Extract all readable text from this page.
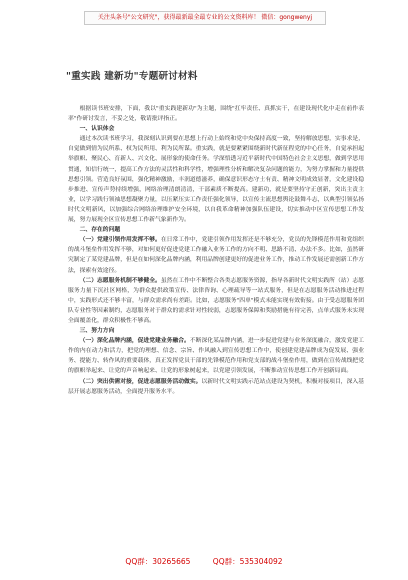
关注头条号"公文研究"，获得最新最全最专业的公文资料库！ 微信：gongwenyj
"重实践 建新功"专题研讨材料

根据读书班安排，下面，我以"重实践建新功"为主题，围绕"扛牢责任、真抓实干，在建设现代化中走在前作表率"作研讨发言，不妥之处，敬请批评指正。

一、认识体会

通过本次读书班学习，我深刻认识到要在思想上行动上始终和党中央保持高度一致，坚持解放思想，实事求是，自觉做到情为民所系、权为民所用、利为民所谋。重实践，就是要紧紧围绕新时代新征程党的中心任务，自觉承担起举旗帜、聚民心、育新人、兴文化、展形象的使命任务。学深悟透习近平新时代中国特色社会主义思想，做到学思用贯通，知信行统一，提高工作方法的灵活性和科学性，增强理性分析和解决复杂问题的能力，为努力掌握和力量提供思想引领。营造良好氛围，强化精神激励，丰润道德滋养，确保意识形态守土有责、精神文明成效显著，文化建设稳步推进、宣传声势持续增强，网络治理清朗清清，干部素质不断提高。建新功，就是要坚持守正创新，突出主责主业，以学习践行领袖思想凝聚力量，以压紧压实工作责任强化领导，以宣传主流思想舆论鼓舞斗志，以典型引领弘扬时代文明新风，以加强综合网络治理维护安全环境，以自我革命精神加强队伍建设，切实推动中区宣传思想工作发展，努力展现全区宣传思想工作新气象新作为。

二、存在的问题

（一）党建引领作用发挥不够。在日常工作中，党建引领作用发挥还是不够充分，党员的先锋模范作用和党组织的战斗堡垒作用发挥不够，对如何更好促进党建工作融入业务工作的方向不明、思路不清、办法不多。比如，虽然研究制定了某党建品牌，但是在如何深化品牌内涵，利用品牌创建更好的促进业务工作，推动工作发展还需创新工作方法，探索有效途径。

（二）志愿服务机制不够健全。虽然在工作中不断整合各类志愿服务资源，指导各新时代文明实践所（站）志愿服务力量下沉社区网格，为群众提供政策宣传、法律咨询、心理疏导等一站式服务，但是在志愿服务活动推进过程中，实践形式还不够丰富，与群众需求尚有差距。比如，志愿服务"四单"模式未能实现有效衔接。由于受志愿服务团队专业性等因素制约，志愿服务对于群众的需求针对性较弱，志愿服务保障和奖励措施有待完善，点单式服务未实现全面覆盖化，群众积极性不够高。

三、努力方向

（一）深化品牌内涵，促进党建业务融合。不断深化某品牌内涵，进一步促进党建与业务深度融合，激发党建工作的内在动力和活力，把党的理想、信念、宗旨、作风融入到宣传思想工作中，使创建党建品牌成为促发展、强业务、提能力、转作风的重要载体，真正发挥党员干部的先锋模范作用和党支部的战斗堡垒作用，做到在宣传战线把党的旗帜举起来、让党的声音响起来、让党的形象树起来，以党建引领发展，不断推动宣传思想工作开创新局面。

（二）突出供需对接，促进志愿服务活动做实。以新时代文明实践示范站点建设为契机，积极对接项目，深入基层开展志愿服务活动，全面提升服务水平。

QQ群：30265665	QQ群：535304092
